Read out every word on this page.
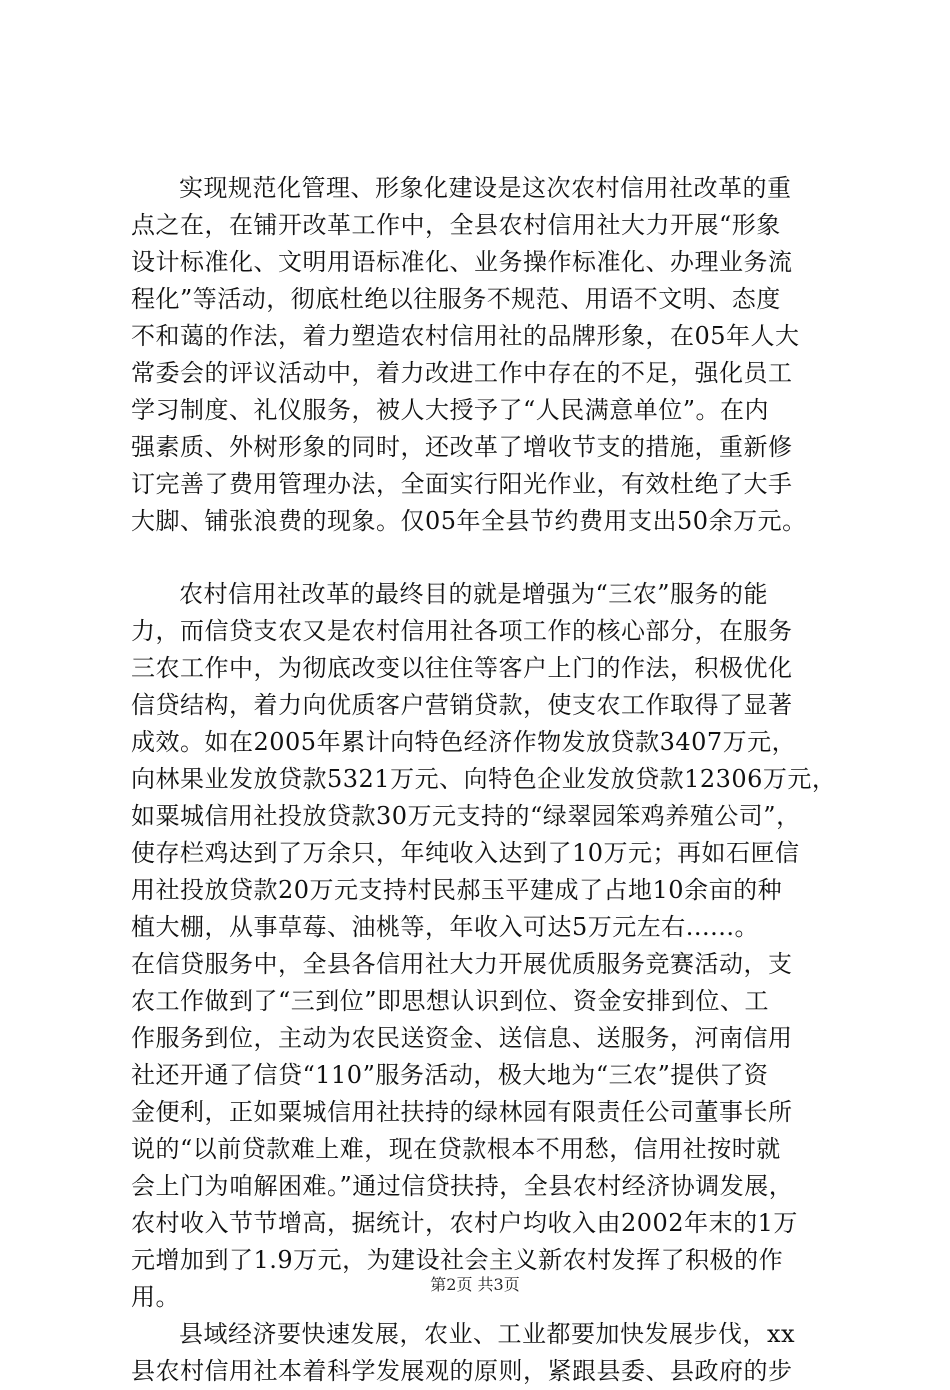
实现规范化管理、形象化建设是这次农村信用社改革的重
点之在，在铺开改革工作中，全县农村信用社大力开展“形象
设计标准化、文明用语标准化、业务操作标准化、办理业务流
程化”等活动，彻底杜绝以往服务不规范、用语不文明、态度
不和蔼的作法，着力塑造农村信用社的品牌形象，在05年人大
常委会的评议活动中，着力改进工作中存在的不足，强化员工
学习制度、礼仪服务，被人大授予了“人民满意单位”。在内
强素质、外树形象的同时，还改革了增收节支的措施，重新修
订完善了费用管理办法，全面实行阳光作业，有效杜绝了大手
大脚、铺张浪费的现象。仅05年全县节约费用支出50余万元。
农村信用社改革的最终目的就是增强为“三农”服务的能
力，而信贷支农又是农村信用社各项工作的核心部分，在服务
三农工作中，为彻底改变以往住等客户上门的作法，积极优化
信贷结构，着力向优质客户营销贷款，使支农工作取得了显著
成效。如在2005年累计向特色经济作物发放贷款3407万元，
向林果业发放贷款5321万元、向特色企业发放贷款12306万元，
如粟城信用社投放贷款30万元支持的“绿翠园笨鸡养殖公司”，
使存栏鸡达到了万余只，年纯收入达到了10万元；再如石匣信
用社投放贷款20万元支持村民郝玉平建成了占地10余亩的种
植大棚，从事草莓、油桃等，年收入可达5万元左右......。
在信贷服务中，全县各信用社大力开展优质服务竞赛活动，支
农工作做到了“三到位”即思想认识到位、资金安排到位、工
作服务到位，主动为农民送资金、送信息、送服务，河南信用
社还开通了信贷“110”服务活动，极大地为“三农”提供了资
金便利，正如粟城信用社扶持的绿林园有限责任公司董事长所
说的“以前贷款难上难，现在贷款根本不用愁，信用社按时就
会上门为咱解困难。”通过信贷扶持，全县农村经济协调发展，
农村收入节节增高，据统计，农村户均收入由2002年末的1万
元增加到了1.9万元，为建设社会主义新农村发挥了积极的作
用。
县域经济要快速发展，农业、工业都要加快发展步伐，xx
县农村信用社本着科学发展观的原则，紧跟县委、县政府的步
第2页 共3页
